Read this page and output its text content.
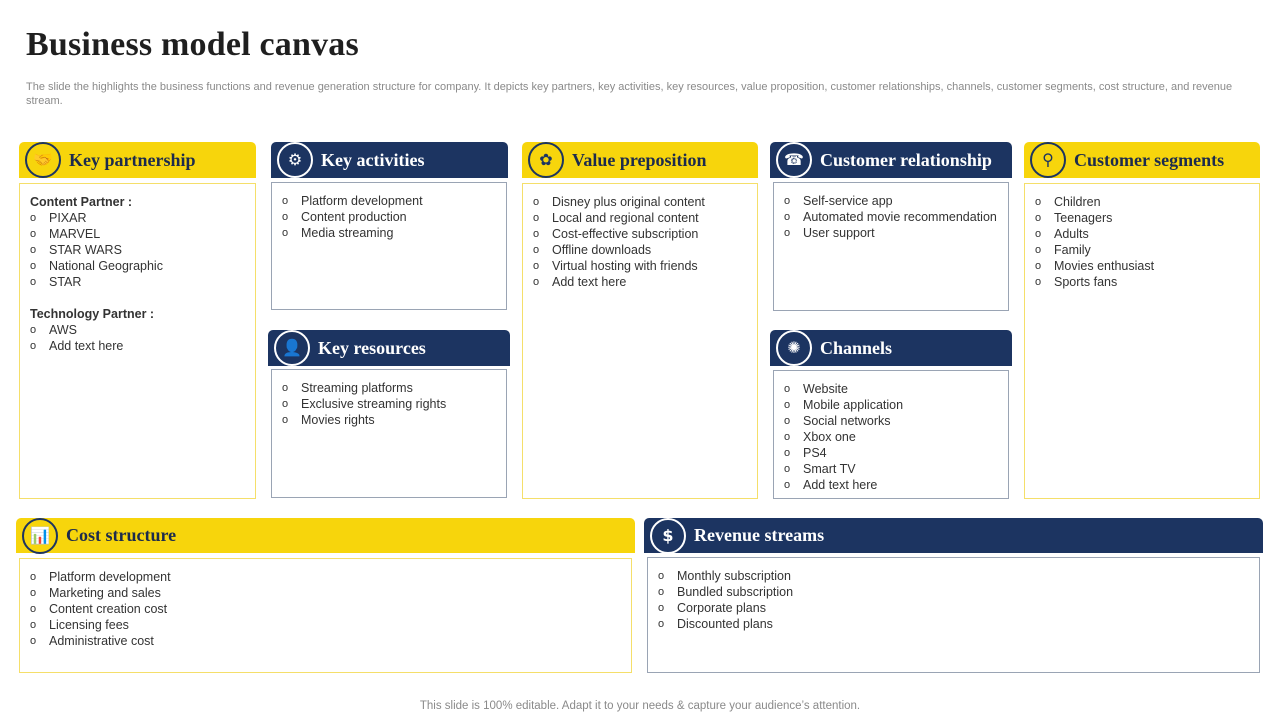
Business model canvas
The slide the highlights the business functions and revenue generation structure for company. It depicts key partners, key activities, key resources, value proposition, customer relationships, channels, customer segments, cost structure, and revenue stream.
🤝
Key partnership
Content Partner :
o PIXAR
o MARVEL
o STAR WARS
o National Geographic
o STAR
Technology Partner :
o AWS
o Add text here
⚙
Key activities
o Platform development
o Content production
o Media streaming
👤
Key resources
o Streaming platforms
o Exclusive streaming rights
o Movies rights
✿
Value preposition
o Disney plus original content
o Local and regional content
o Cost-effective subscription
o Offline downloads
o Virtual hosting with friends
o Add text here
☎
Customer relationship
o Self-service app
o Automated movie recommendation
o User support
✺
Channels
o Website
o Mobile application
o Social networks
o Xbox one
o PS4
o Smart TV
o Add text here
⚲
Customer segments
o Children
o Teenagers
o Adults
o Family
o Movies enthusiast
o Sports fans
📊
Cost structure
o Platform development
o Marketing and sales
o Content creation cost
o Licensing fees
o Administrative cost
$
Revenue streams
o Monthly subscription
o Bundled subscription
o Corporate plans
o Discounted plans
This slide is 100% editable. Adapt it to your needs & capture your audience’s attention.
